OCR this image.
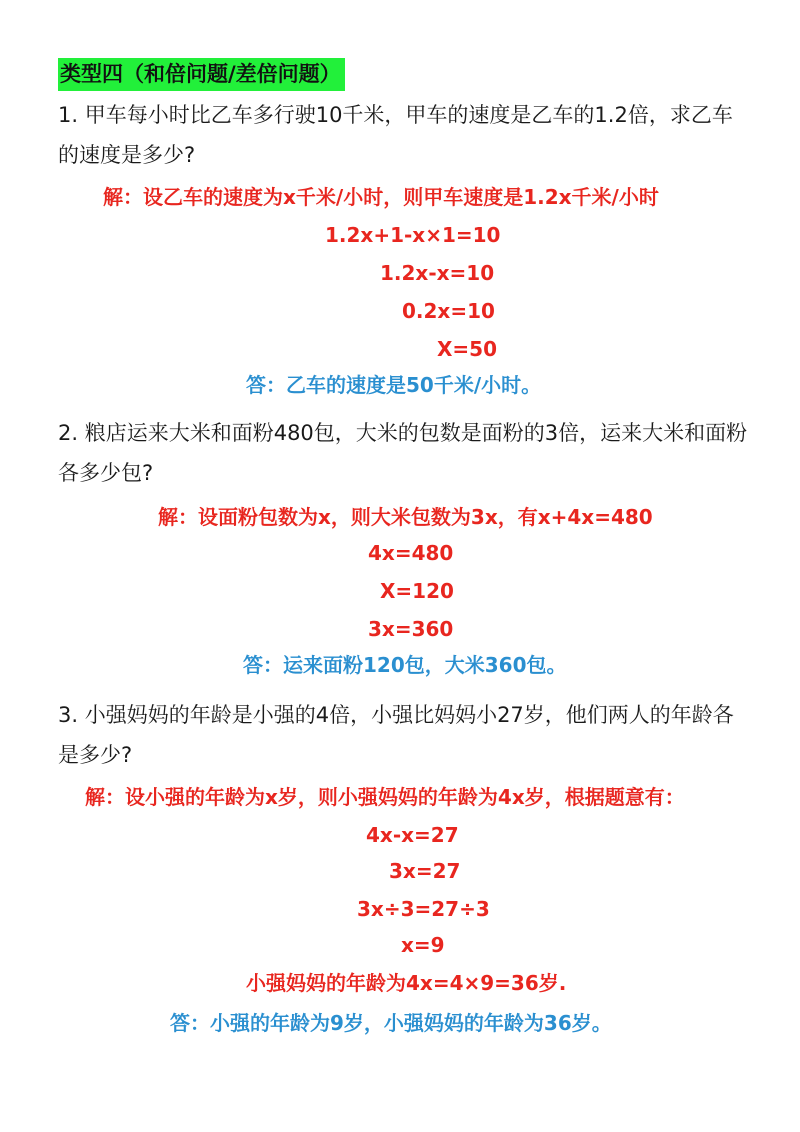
类型四（和倍问题/差倍问题）
1. 甲车每小时比乙车多行驶10千米，甲车的速度是乙车的1.2倍，求乙车
的速度是多少?
解：设乙车的速度为x千米/小时，则甲车速度是1.2x千米/小时
1.2x+1-x×1=10
1.2x-x=10
0.2x=10
X=50
答：乙车的速度是50千米/小时。
2. 粮店运来大米和面粉480包，大米的包数是面粉的3倍，运来大米和面粉
各多少包?
解：设面粉包数为x，则大米包数为3x，有x+4x=480
4x=480
X=120
3x=360
答：运来面粉120包，大米360包。
3. 小强妈妈的年龄是小强的4倍，小强比妈妈小27岁，他们两人的年龄各
是多少?
解：设小强的年龄为x岁，则小强妈妈的年龄为4x岁，根据题意有：
4x-x=27
3x=27
3x÷3=27÷3
x=9
小强妈妈的年龄为4x=4×9=36岁.
答：小强的年龄为9岁，小强妈妈的年龄为36岁。
